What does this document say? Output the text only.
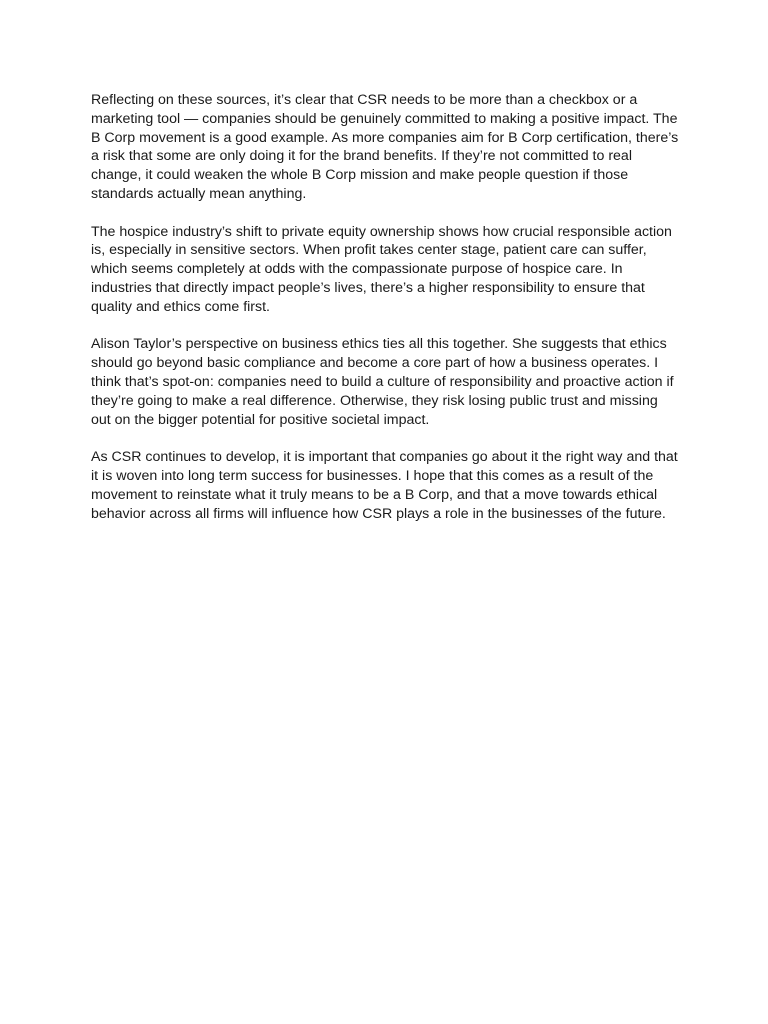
Reflecting on these sources, it’s clear that CSR needs to be more than a checkbox or a marketing tool — companies should be genuinely committed to making a positive impact. The B Corp movement is a good example. As more companies aim for B Corp certification, there’s a risk that some are only doing it for the brand benefits. If they’re not committed to real change, it could weaken the whole B Corp mission and make people question if those standards actually mean anything.

The hospice industry’s shift to private equity ownership shows how crucial responsible action is, especially in sensitive sectors. When profit takes center stage, patient care can suffer, which seems completely at odds with the compassionate purpose of hospice care. In industries that directly impact people’s lives, there’s a higher responsibility to ensure that quality and ethics come first.

Alison Taylor’s perspective on business ethics ties all this together. She suggests that ethics should go beyond basic compliance and become a core part of how a business operates. I think that’s spot-on: companies need to build a culture of responsibility and proactive action if they’re going to make a real difference. Otherwise, they risk losing public trust and missing out on the bigger potential for positive societal impact.

As CSR continues to develop, it is important that companies go about it the right way and that it is woven into long term success for businesses. I hope that this comes as a result of the movement to reinstate what it truly means to be a B Corp, and that a move towards ethical behavior across all firms will influence how CSR plays a role in the businesses of the future.
